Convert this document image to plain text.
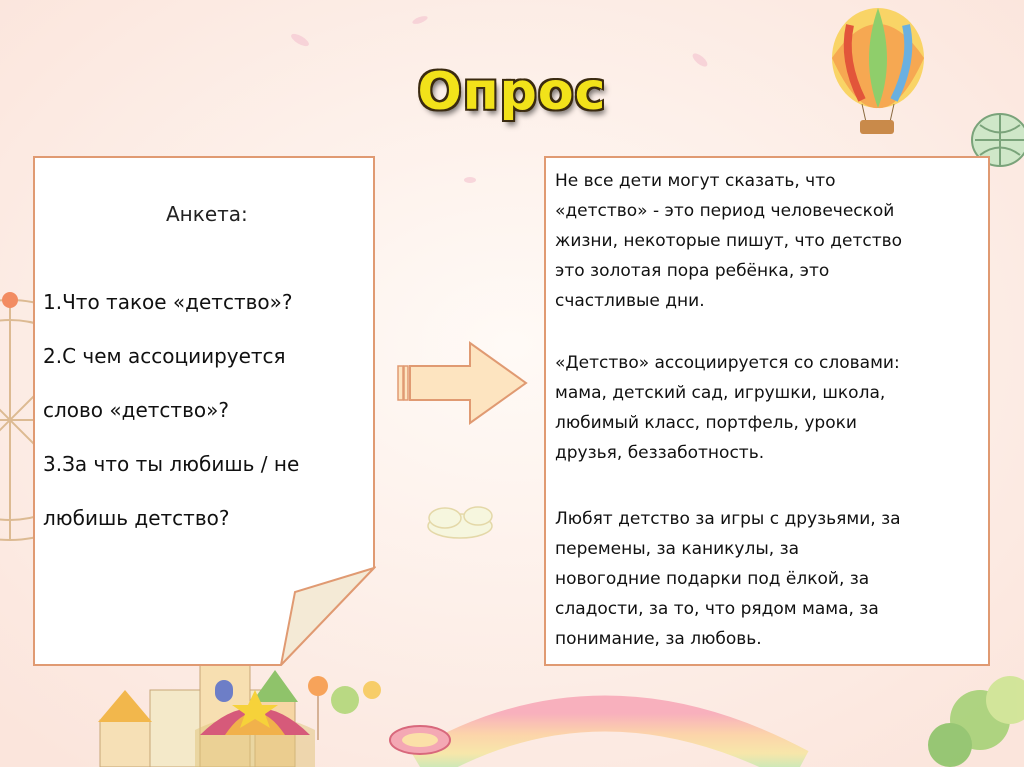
Опрос
Анкета:
1.Что такое «детство»?
2.С чем ассоциируется
слово «детство»?
3.За что ты любишь / не
любишь детство?
Не все дети могут сказать, что
«детство» - это период человеческой
жизни, некоторые пишут, что детство
это золотая пора ребёнка, это
счастливые дни.
«Детство» ассоциируется со словами:
мама, детский сад, игрушки, школа,
любимый класс, портфель, уроки
друзья, беззаботность.
Любят детство за игры с друзьями, за
перемены, за каникулы, за
новогодние подарки под ёлкой, за
сладости, за то, что рядом мама, за
понимание, за любовь.
